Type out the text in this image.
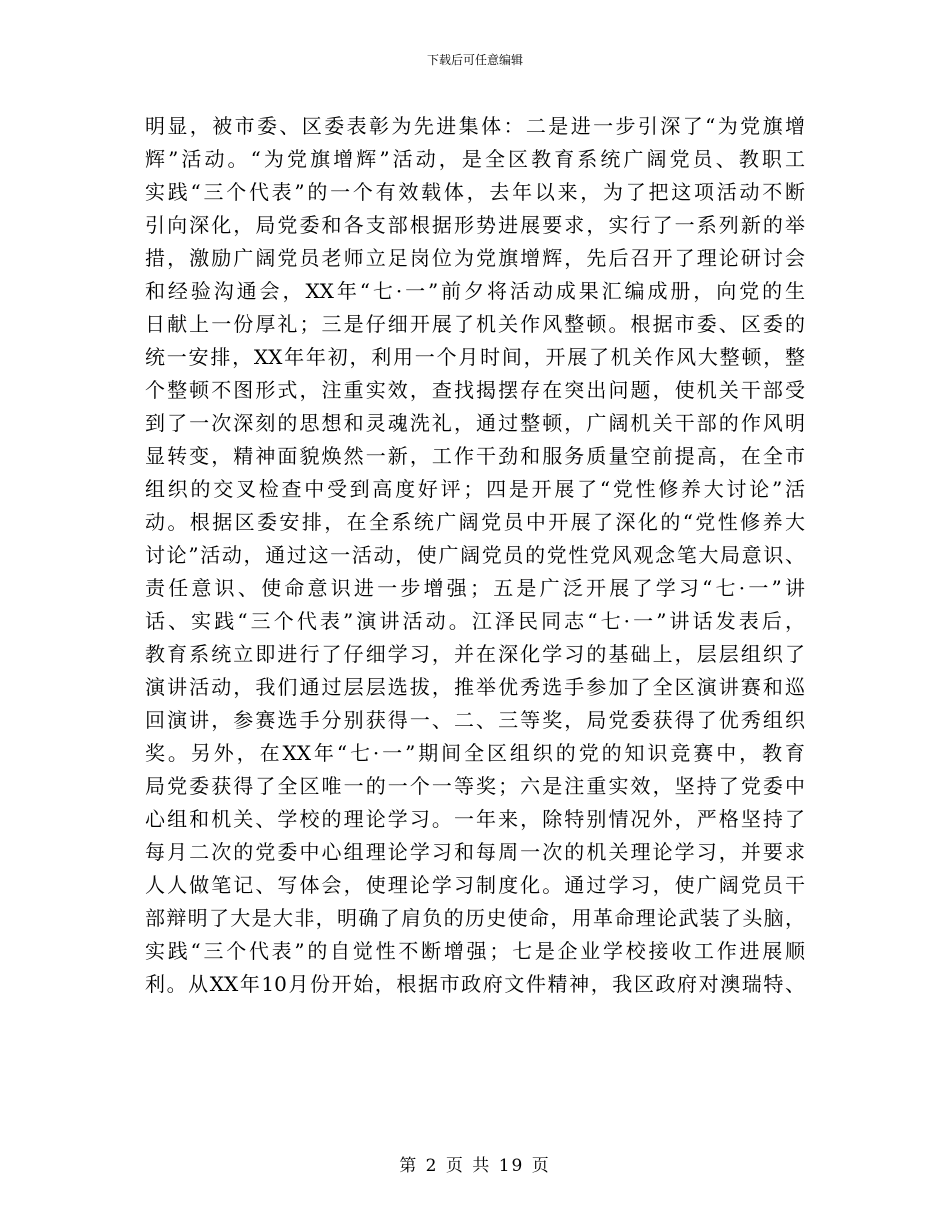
下载后可任意编辑
明显，被市委、区委表彰为先进集体：二是进一步引深了“为党旗增
辉”活动。“为党旗增辉”活动，是全区教育系统广阔党员、教职工
实践“三个代表”的一个有效载体，去年以来，为了把这项活动不断
引向深化，局党委和各支部根据形势进展要求，实行了一系列新的举
措，激励广阔党员老师立足岗位为党旗增辉，先后召开了理论研讨会
和经验沟通会，XX年“七·一”前夕将活动成果汇编成册，向党的生
日献上一份厚礼；三是仔细开展了机关作风整顿。根据市委、区委的
统一安排，XX年年初，利用一个月时间，开展了机关作风大整顿，整
个整顿不图形式，注重实效，查找揭摆存在突出问题，使机关干部受
到了一次深刻的思想和灵魂洗礼，通过整顿，广阔机关干部的作风明
显转变，精神面貌焕然一新，工作干劲和服务质量空前提高，在全市
组织的交叉检查中受到高度好评；四是开展了“党性修养大讨论”活
动。根据区委安排，在全系统广阔党员中开展了深化的“党性修养大
讨论”活动，通过这一活动，使广阔党员的党性党风观念笔大局意识、
责任意识、使命意识进一步增强；五是广泛开展了学习“七·一”讲
话、实践“三个代表”演讲活动。江泽民同志“七·一”讲话发表后，
教育系统立即进行了仔细学习，并在深化学习的基础上，层层组织了
演讲活动，我们通过层层选拔，推举优秀选手参加了全区演讲赛和巡
回演讲，参赛选手分别获得一、二、三等奖，局党委获得了优秀组织
奖。另外，在XX年“七·一”期间全区组织的党的知识竞赛中，教育
局党委获得了全区唯一的一个一等奖；六是注重实效，坚持了党委中
心组和机关、学校的理论学习。一年来，除特别情况外，严格坚持了
每月二次的党委中心组理论学习和每周一次的机关理论学习，并要求
人人做笔记、写体会，使理论学习制度化。通过学习，使广阔党员干
部辩明了大是大非，明确了肩负的历史使命，用革命理论武装了头脑，
实践“三个代表”的自觉性不断增强；七是企业学校接收工作进展顺
利。从XX年10月份开始，根据市政府文件精神，我区政府对澳瑞特、
第 2 页 共 19 页
